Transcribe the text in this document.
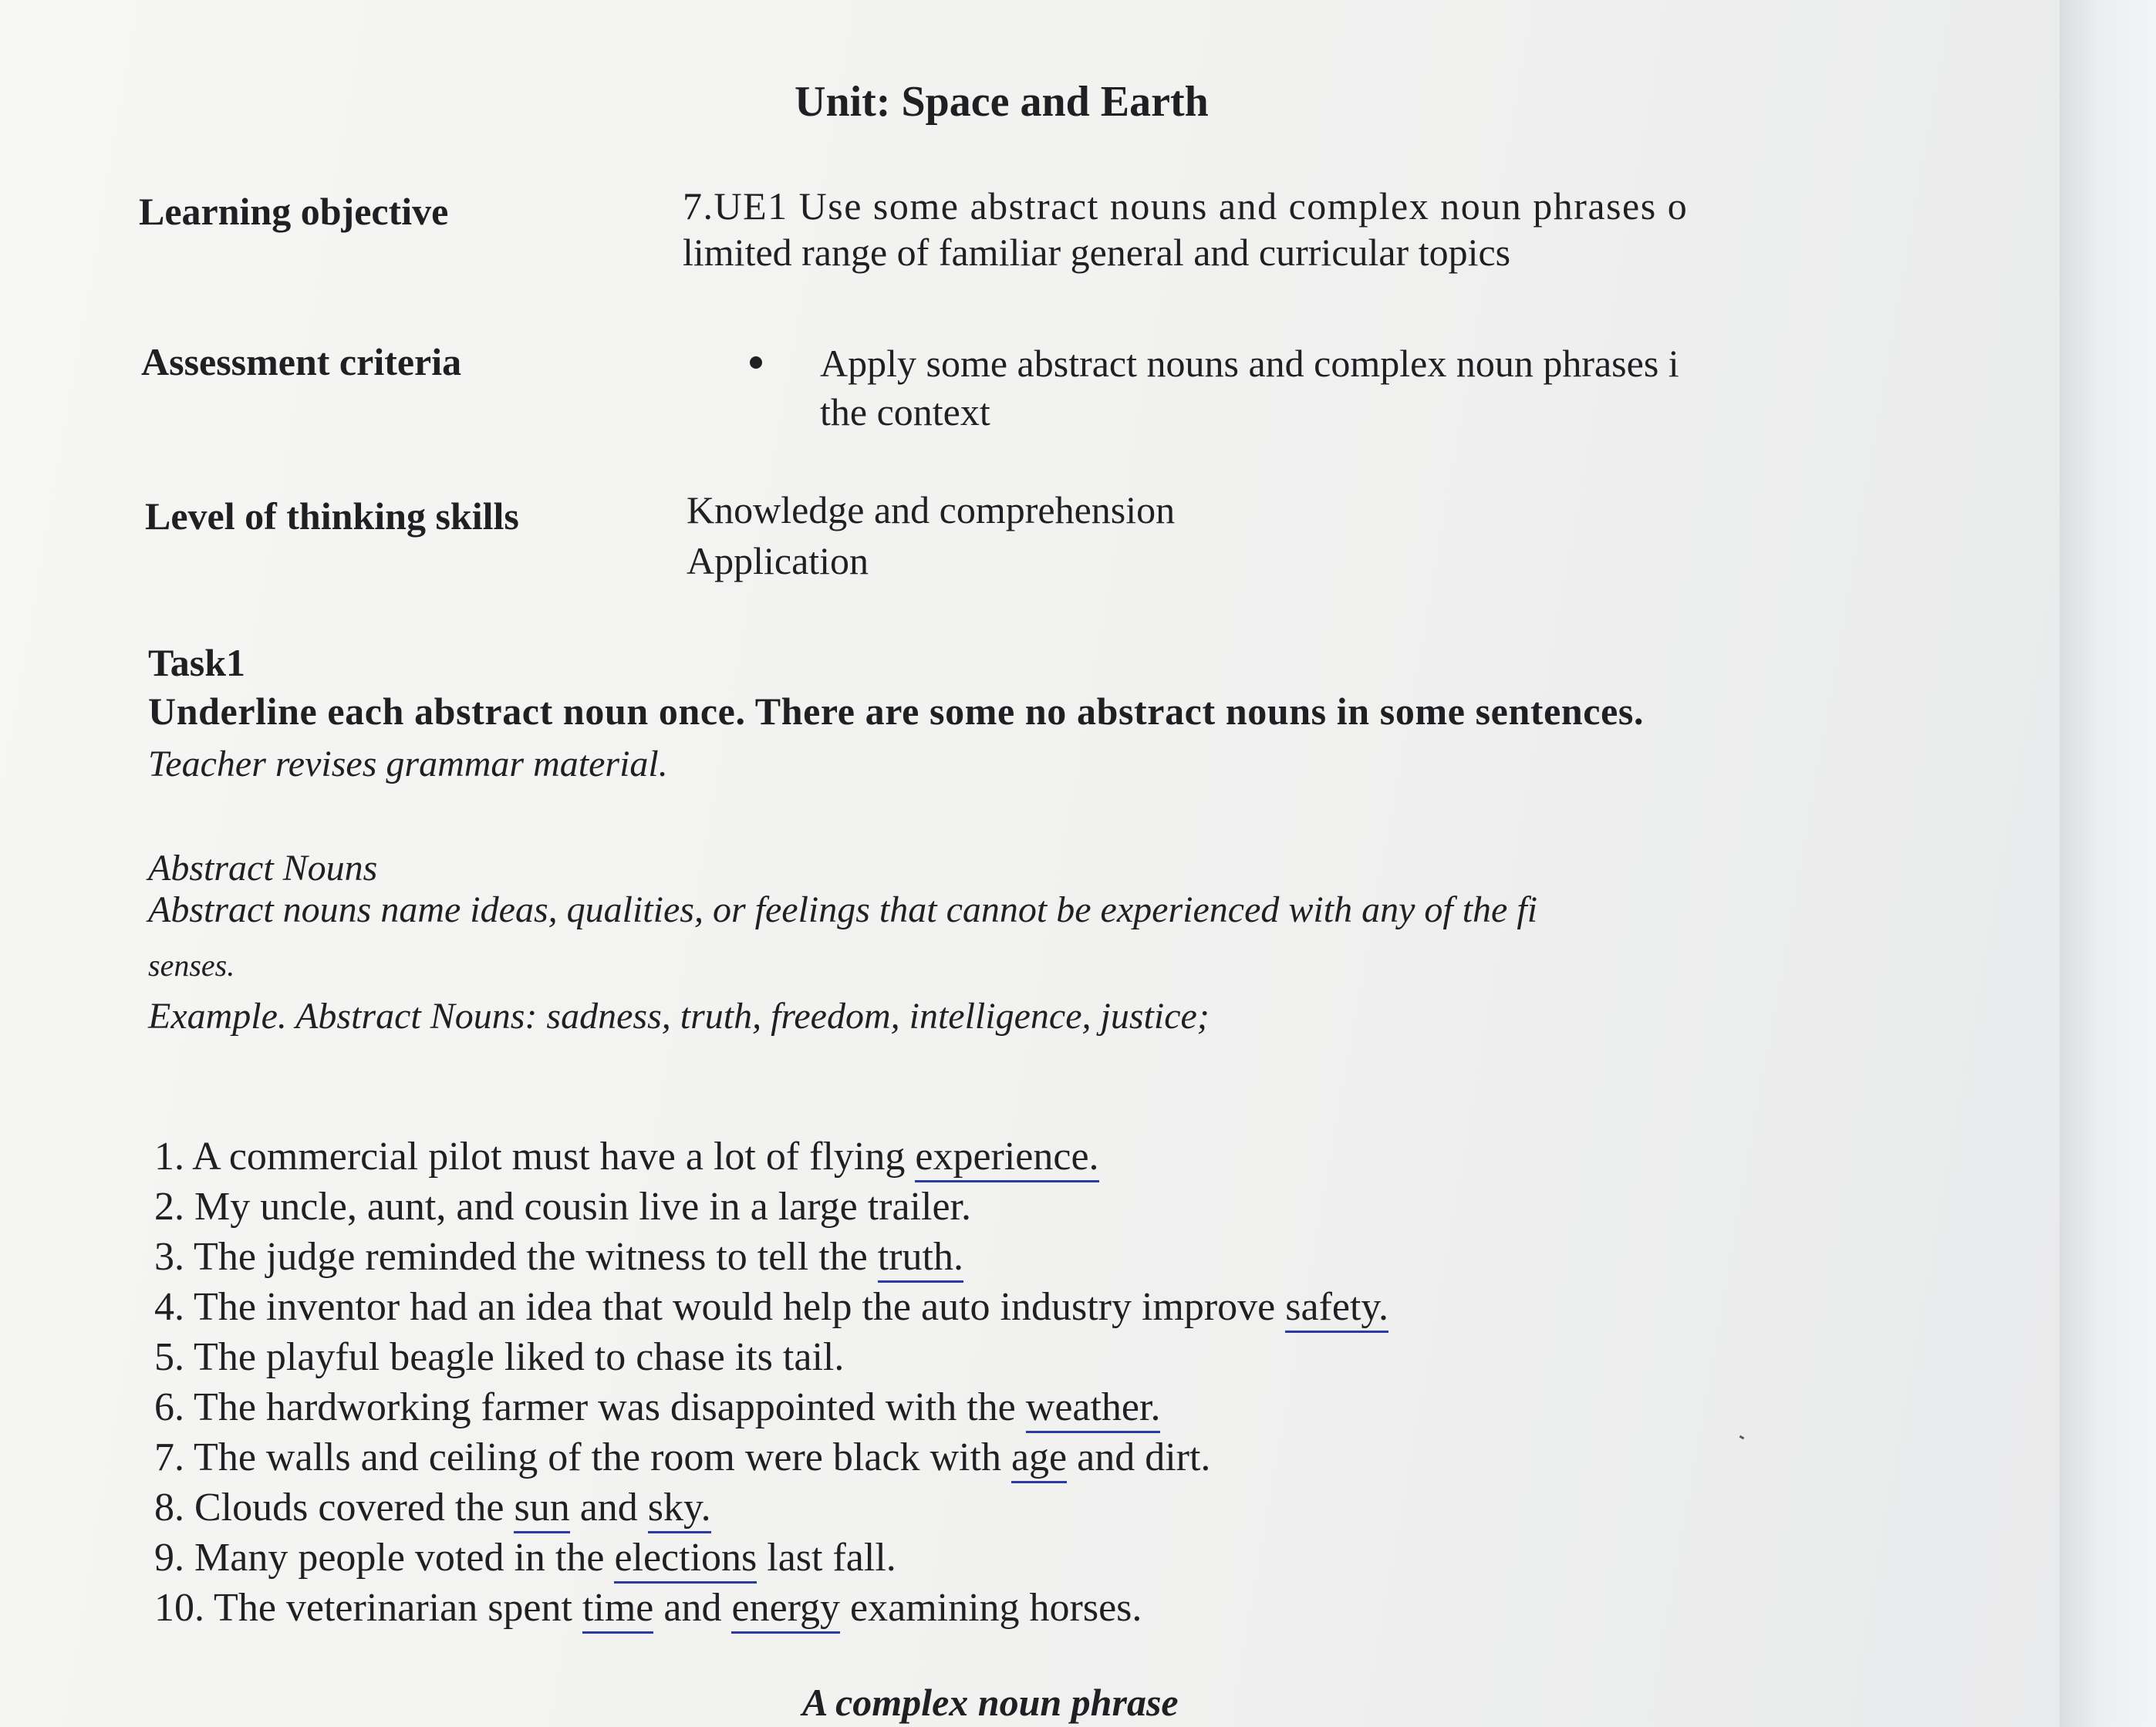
Unit: Space and Earth
Learning objective	7.UE1 Use some abstract nouns and complex noun phrases o
limited range of familiar general and curricular topics
Assessment criteria	Apply some abstract nouns and complex noun phrases i
the context
Level of thinking skills	Knowledge and comprehension
Application
Task1
Underline each abstract noun once. There are some no abstract nouns in some sentences.
Teacher revises grammar material.
Abstract Nouns
Abstract nouns name ideas, qualities, or feelings that cannot be experienced with any of the fi
senses.
Example. Abstract Nouns: sadness, truth, freedom, intelligence, justice;
1. A commercial pilot must have a lot of flying experience.
2. My uncle, aunt, and cousin live in a large trailer.
3. The judge reminded the witness to tell the truth.
4. The inventor had an idea that would help the auto industry improve safety.
5. The playful beagle liked to chase its tail.
6. The hardworking farmer was disappointed with the weather.
7. The walls and ceiling of the room were black with age and dirt.
8. Clouds covered the sun and sky.
9. Many people voted in the elections last fall.
10. The veterinarian spent time and energy examining horses.
A complex noun phrase
